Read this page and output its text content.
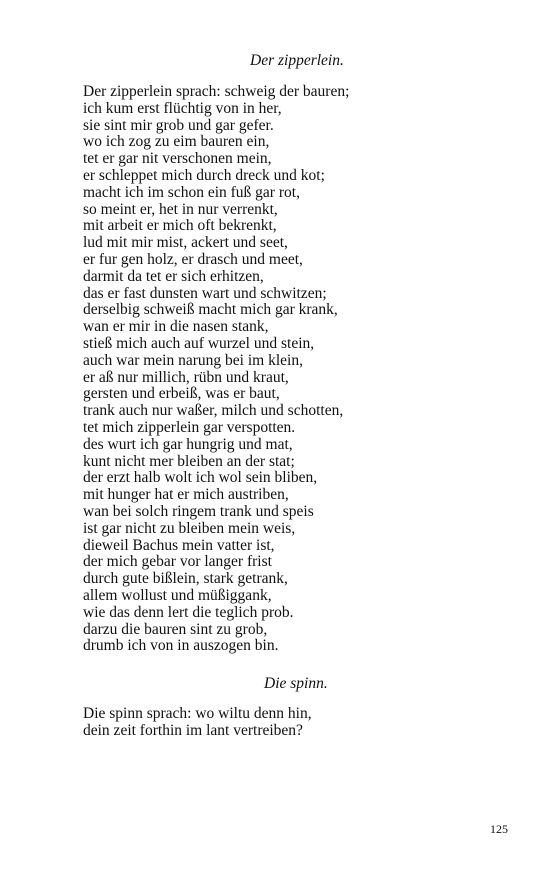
Der zipperlein.
Der zipperlein sprach: schweig der bauren;
ich kum erst flüchtig von in her,
sie sint mir grob und gar gefer.
wo ich zog zu eim bauren ein,
tet er gar nit verschonen mein,
er schleppet mich durch dreck und kot;
macht ich im schon ein fuß gar rot,
so meint er, het in nur verrenkt,
mit arbeit er mich oft bekrenkt,
lud mit mir mist, ackert und seet,
er fur gen holz, er drasch und meet,
darmit da tet er sich erhitzen,
das er fast dunsten wart und schwitzen;
derselbig schweiß macht mich gar krank,
wan er mir in die nasen stank,
stieß mich auch auf wurzel und stein,
auch war mein narung bei im klein,
er aß nur millich, rübn und kraut,
gersten und erbeiß, was er baut,
trank auch nur waßer, milch und schotten,
tet mich zipperlein gar verspotten.
des wurt ich gar hungrig und mat,
kunt nicht mer bleiben an der stat;
der erzt halb wolt ich wol sein bliben,
mit hunger hat er mich austriben,
wan bei solch ringem trank und speis
ist gar nicht zu bleiben mein weis,
dieweil Bachus mein vatter ist,
der mich gebar vor langer frist
durch gute bißlein, stark getrank,
allem wollust und müßiggank,
wie das denn lert die teglich prob.
darzu die bauren sint zu grob,
drumb ich von in auszogen bin.
Die spinn.
Die spinn sprach: wo wiltu denn hin,
dein zeit forthin im lant vertreiben?
125
